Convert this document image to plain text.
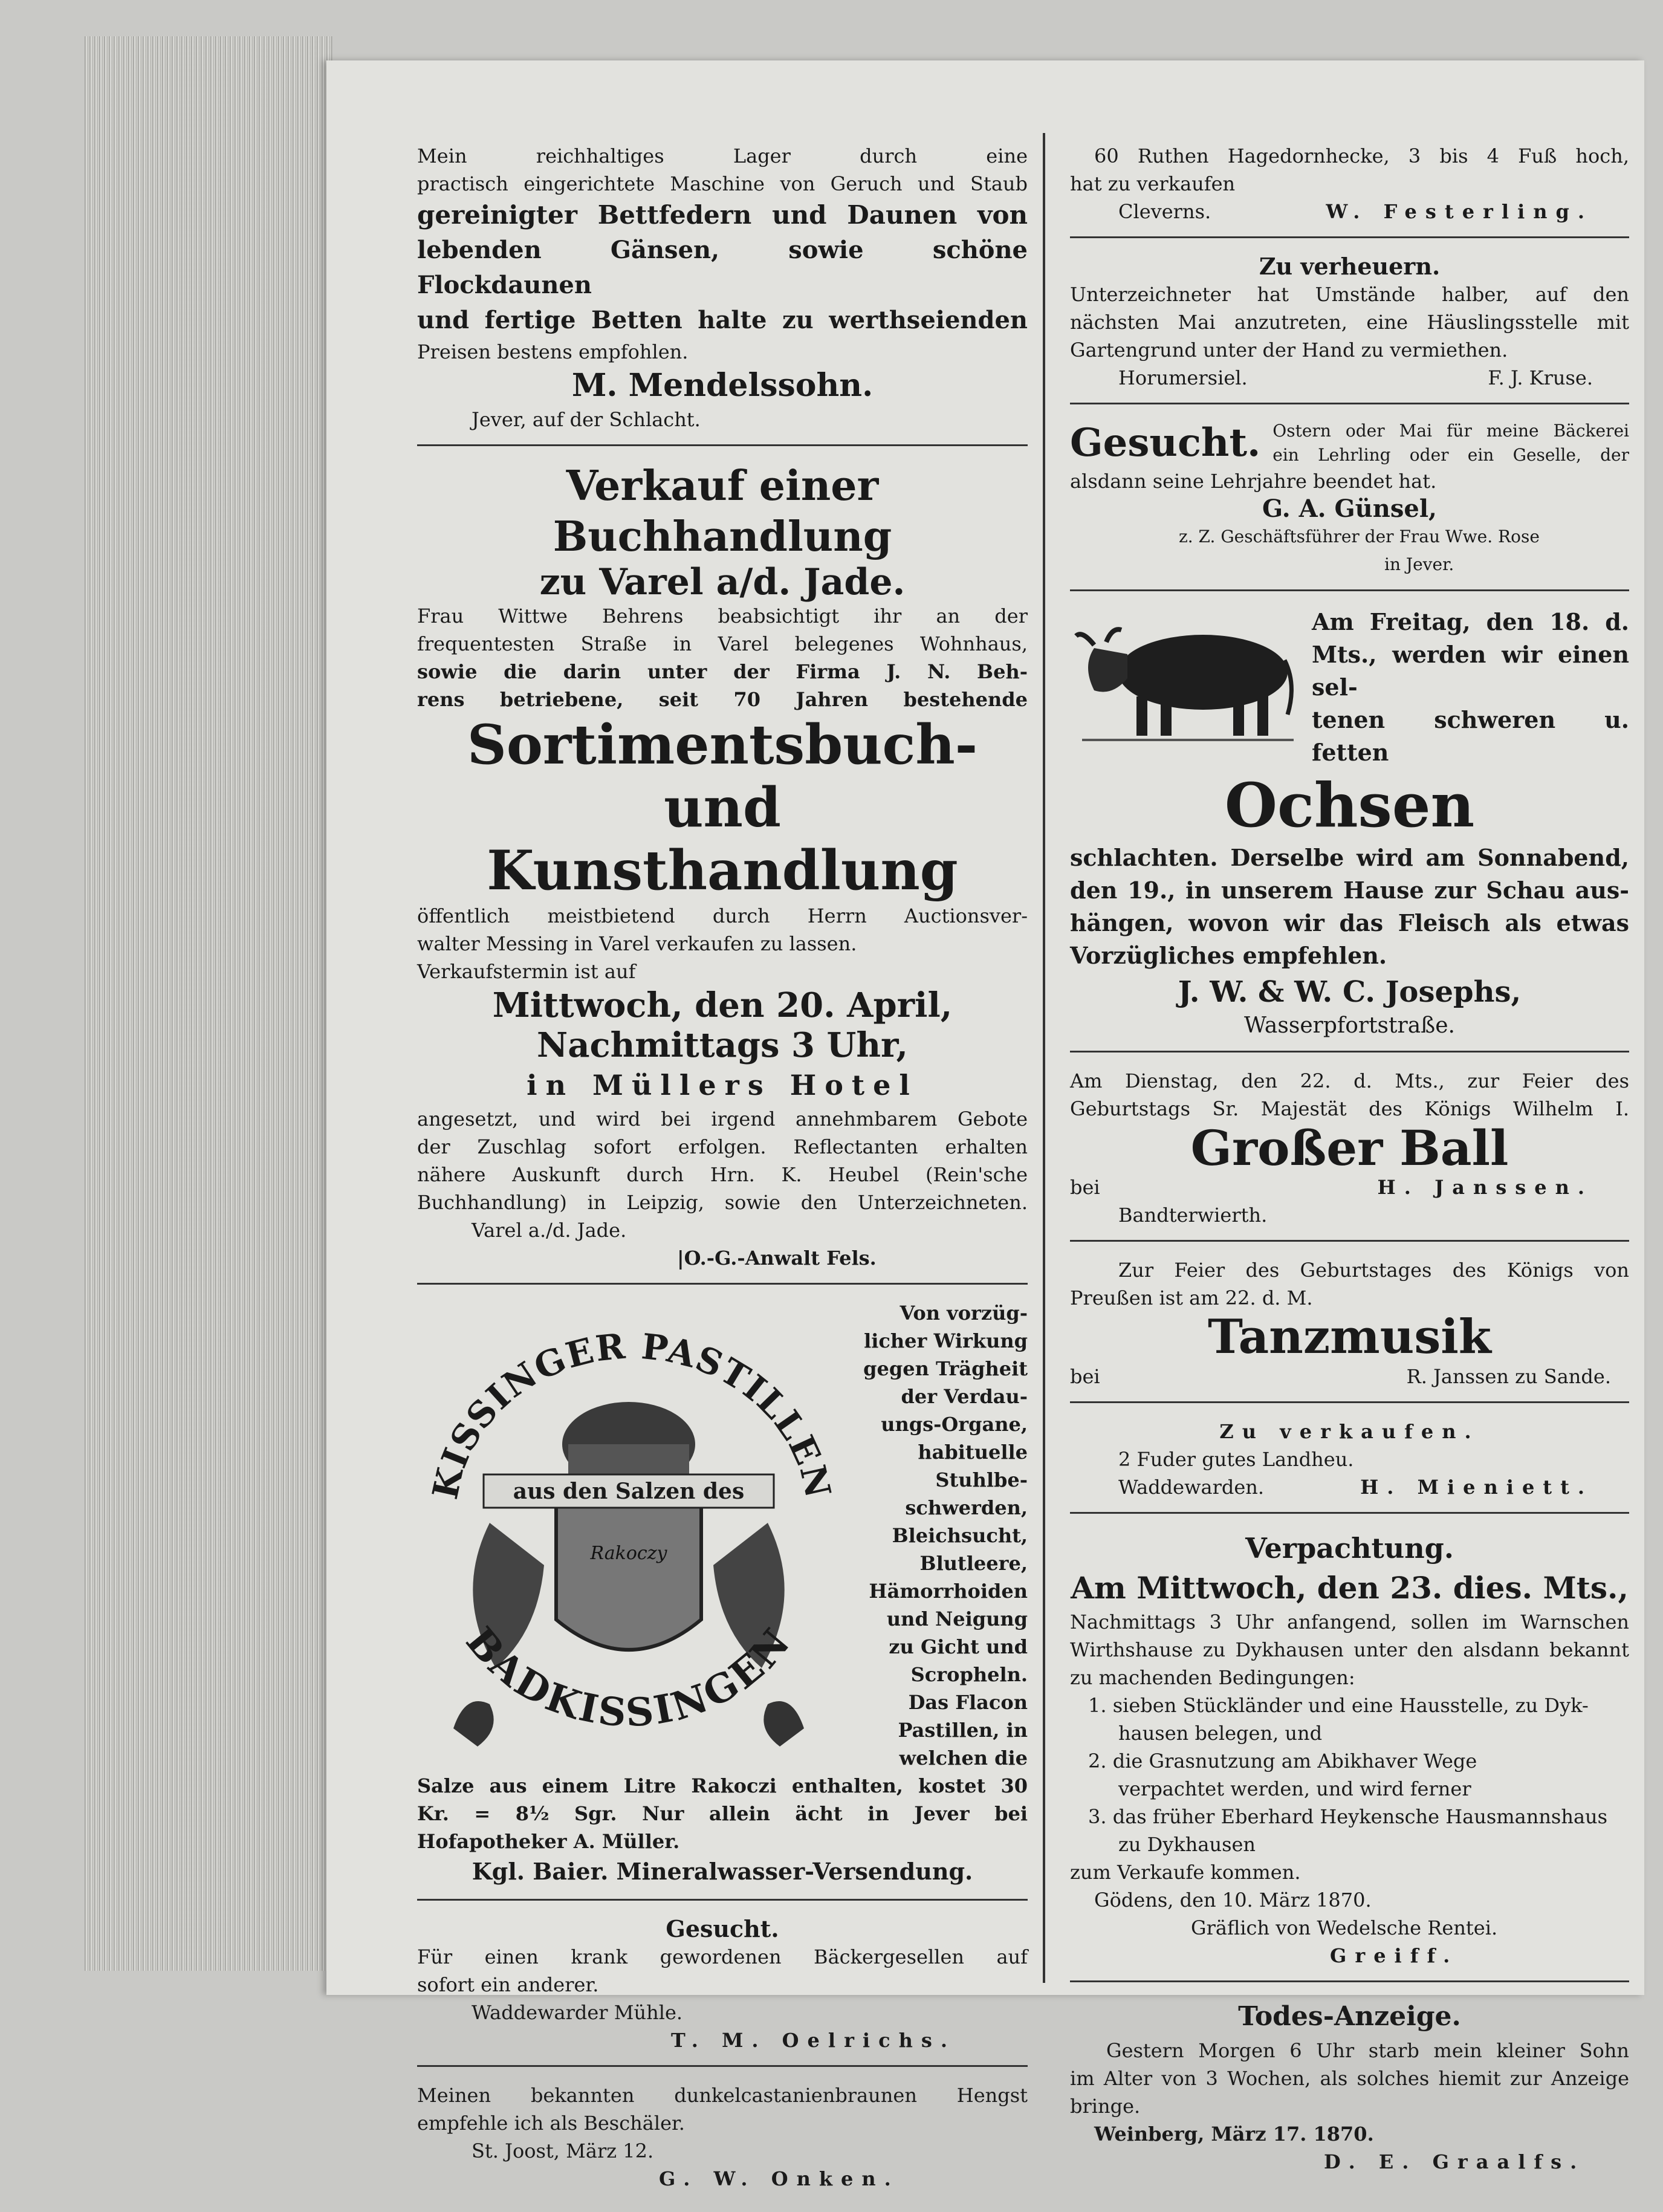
Mein reichhaltiges Lager durch eine

practisch eingerichtete Maschine von Geruch und Staub

gereinigter Bettfedern und Daunen von

lebenden Gänsen, sowie schöne Flockdaunen

und fertige Betten halte zu werthseienden

Preisen bestens empfohlen.

M. Mendelssohn.

Jever, auf der Schlacht.

Verkauf einer Buchhandlung

zu Varel a/d. Jade.

Frau Wittwe Behrens beabsichtigt ihr an der

frequentesten Straße in Varel belegenes Wohnhaus,

sowie die darin unter der Firma J. N. Beh-

rens betriebene, seit 70 Jahren bestehende

Sortimentsbuch- und

Kunsthandlung

öffentlich meistbietend durch Herrn Auctionsver-

walter Messing in Varel verkaufen zu lassen.

Verkaufstermin ist auf

Mittwoch, den 20. April,

Nachmittags 3 Uhr,

in Müllers Hotel

angesetzt, und wird bei irgend annehmbarem Gebote

der Zuschlag sofort erfolgen. Reflectanten erhalten

nähere Auskunft durch Hrn. K. Heubel (Rein'sche

Buchhandlung) in Leipzig, sowie den Unterzeichneten.

Varel a./d. Jade.

|O.-G.-Anwalt Fels.

KISSINGER PASTILLEN
aus den Salzen des
Rakoczy
BADKISSINGEN

Von vorzüg-

licher Wirkung

gegen Trägheit

der Verdau-

ungs-Organe,

habituelle

Stuhlbe-

schwerden,

Bleichsucht,

Blutleere,

Hämorrhoiden

und Neigung

zu Gicht und

Scropheln.

Das Flacon

Pastillen, in

welchen die

Salze aus einem Litre Rakoczi enthalten, kostet 30

Kr. = 8½ Sgr. Nur allein ächt in Jever bei

Hofapotheker A. Müller.

Kgl. Baier. Mineralwasser-Versendung.

Gesucht.

Für einen krank gewordenen Bäckergesellen auf

sofort ein anderer.

Waddewarder Mühle.

T. M. Oelrichs.

Meinen bekannten dunkelcastanienbraunen Hengst

empfehle ich als Beschäler.

St. Joost, März 12.

G. W. Onken.

60 Ruthen Hagedornhecke, 3 bis 4 Fuß hoch,

hat zu verkaufen

Cleverns.	W. Festerling.

Zu verheuern.

Unterzeichneter hat Umstände halber, auf den

nächsten Mai anzutreten, eine Häuslingsstelle mit

Gartengrund unter der Hand zu vermiethen.

Horumersiel.	F. J. Kruse.

Gesucht. Ostern oder Mai für meine Bäckerei

ein Lehrling oder ein Geselle, der

alsdann seine Lehrjahre beendet hat.

G. A. Günsel,

z. Z. Geschäftsführer der Frau Wwe. Rose

in Jever.

Am Freitag, den 18. d.

Mts., werden wir einen sel-

tenen schweren u. fetten

Ochsen

schlachten. Derselbe wird am Sonnabend,

den 19., in unserem Hause zur Schau aus-

hängen, wovon wir das Fleisch als etwas

Vorzügliches empfehlen.

J. W. & W. C. Josephs,

Wasserpfortstraße.

Am Dienstag, den 22. d. Mts., zur Feier des

Geburtstags Sr. Majestät des Königs Wilhelm I.

Großer Ball

bei	H. Janssen.

Bandterwierth.

Zur Feier des Geburtstages des Königs von

Preußen ist am 22. d. M.

Tanzmusik

bei	R. Janssen zu Sande.

Zu verkaufen.

2 Fuder gutes Landheu.

Waddewarden.	H. Mieniett.

Verpachtung.

Am Mittwoch, den 23. dies. Mts.,

Nachmittags 3 Uhr anfangend, sollen im Warnschen

Wirthshause zu Dykhausen unter den alsdann bekannt

zu machenden Bedingungen:

1. sieben Stückländer und eine Hausstelle, zu Dyk-

hausen belegen, und

2. die Grasnutzung am Abikhaver Wege

verpachtet werden, und wird ferner

3. das früher Eberhard Heykensche Hausmannshaus

zu Dykhausen

zum Verkaufe kommen.

Gödens, den 10. März 1870.

Gräflich von Wedelsche Rentei.

Greiff.

Todes-Anzeige.

Gestern Morgen 6 Uhr starb mein kleiner Sohn

im Alter von 3 Wochen, als solches hiemit zur Anzeige

bringe.

Weinberg, März 17. 1870.

D. E. Graalfs.
